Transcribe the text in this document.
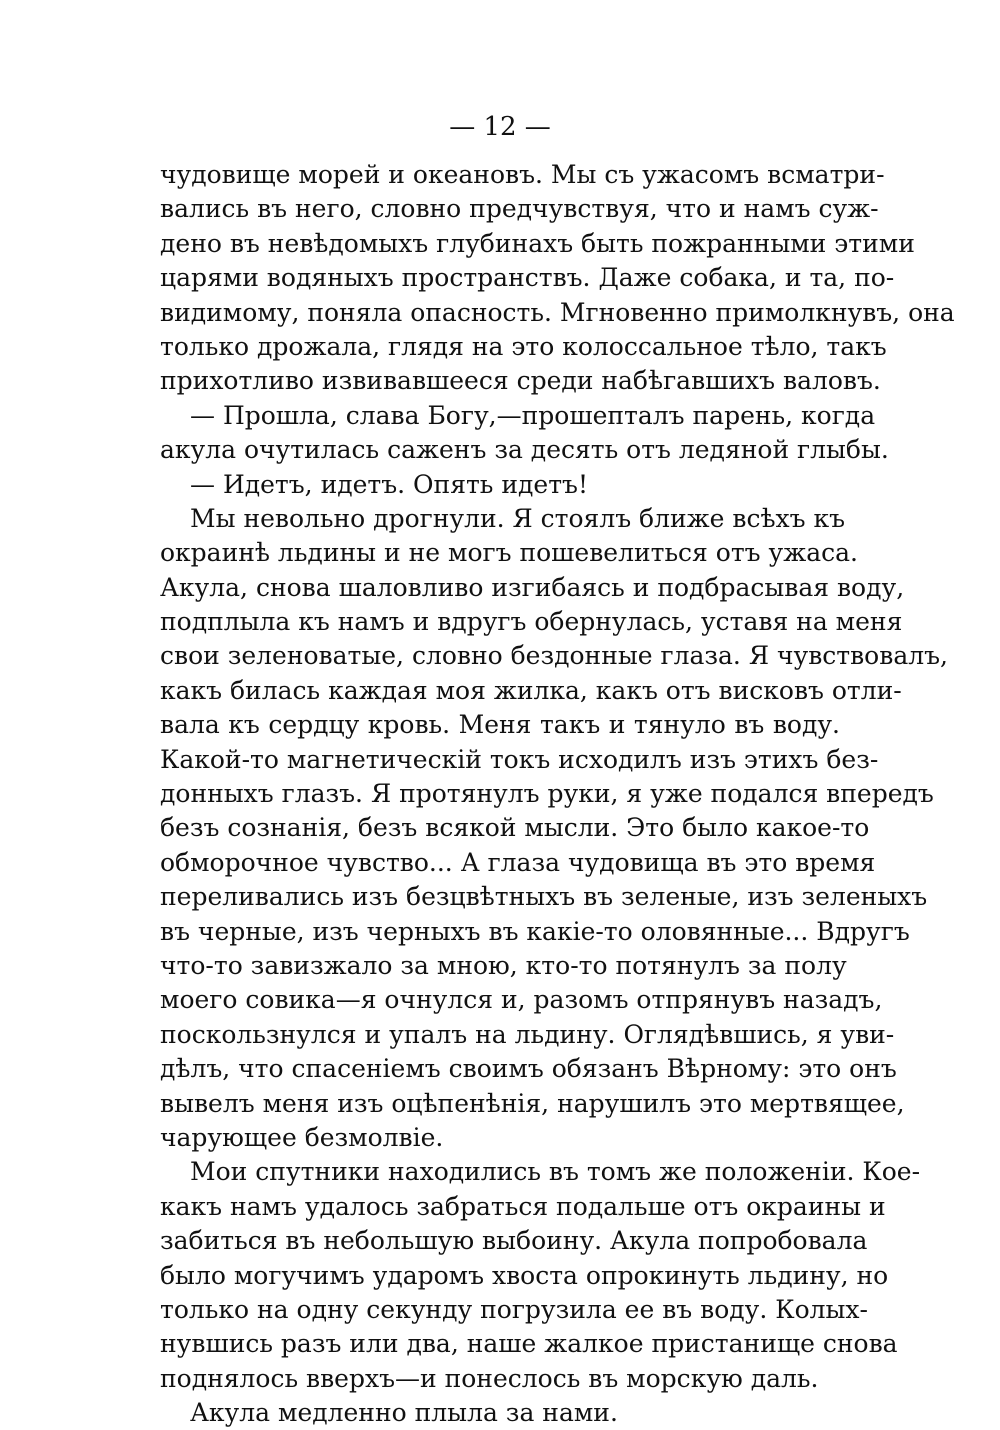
— 12 —
чудовище морей и океановъ. Мы съ ужасомъ всматри-
вались въ него, словно предчувствуя, что и намъ суж-
дено въ невѣдомыхъ глубинахъ быть пожранными этими
царями водяныхъ пространствъ. Даже собака, и та, по-
видимому, поняла опасность. Мгновенно примолкнувъ, она
только дрожала, глядя на это колоссальное тѣло, такъ
прихотливо извивавшееся среди набѣгавшихъ валовъ.
— Прошла, слава Богу,—прошепталъ парень, когда
акула очутилась саженъ за десять отъ ледяной глыбы.
— Идетъ, идетъ. Опять идетъ!
Мы невольно дрогнули. Я стоялъ ближе всѣхъ къ
окраинѣ льдины и не могъ пошевелиться отъ ужаса.
Акула, снова шаловливо изгибаясь и подбрасывая воду,
подплыла къ намъ и вдругъ обернулась, уставя на меня
свои зеленоватые, словно бездонные глаза. Я чувствовалъ,
какъ билась каждая моя жилка, какъ отъ висковъ отли-
вала къ сердцу кровь. Меня такъ и тянуло въ воду.
Какой-то магнетическій токъ исходилъ изъ этихъ без-
донныхъ глазъ. Я протянулъ руки, я уже подался впередъ
безъ сознанія, безъ всякой мысли. Это было какое-то
обморочное чувство... А глаза чудовища въ это время
переливались изъ безцвѣтныхъ въ зеленые, изъ зеленыхъ
въ черные, изъ черныхъ въ какіе-то оловянные... Вдругъ
что-то завизжало за мною, кто-то потянулъ за полу
моего совика—я очнулся и, разомъ отпрянувъ назадъ,
поскользнулся и упалъ на льдину. Оглядѣвшись, я уви-
дѣлъ, что спасеніемъ своимъ обязанъ Вѣрному: это онъ
вывелъ меня изъ оцѣпенѣнія, нарушилъ это мертвящее,
чарующее безмолвіе.
Мои спутники находились въ томъ же положеніи. Кое-
какъ намъ удалось забраться подальше отъ окраины и
забиться въ небольшую выбоину. Акула попробовала
было могучимъ ударомъ хвоста опрокинуть льдину, но
только на одну секунду погрузила ее въ воду. Колых-
нувшись разъ или два, наше жалкое пристанище снова
поднялось вверхъ—и понеслось въ морскую даль.
Акула медленно плыла за нами.
